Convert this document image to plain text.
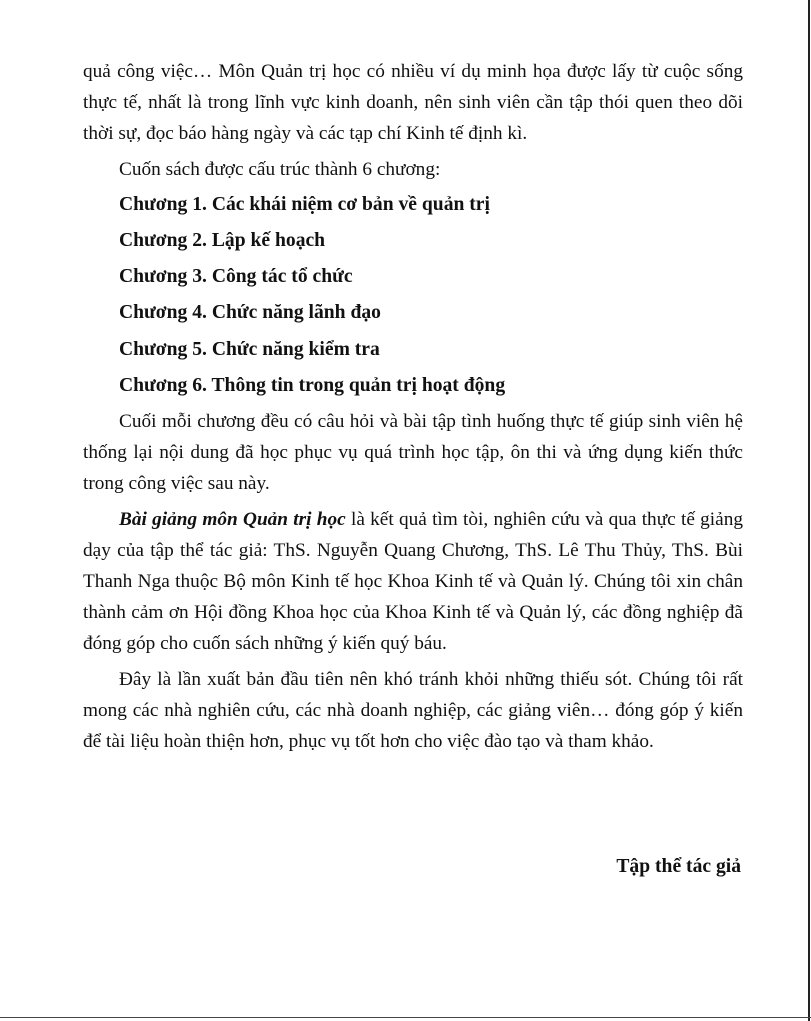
quả công việc… Môn Quản trị học có nhiều ví dụ minh họa được lấy từ cuộc sống thực tế, nhất là trong lĩnh vực kinh doanh, nên sinh viên cần tập thói quen theo dõi thời sự, đọc báo hàng ngày và các tạp chí Kinh tế định kì.

Cuốn sách được cấu trúc thành 6 chương:

Chương 1. Các khái niệm cơ bản về quản trị
Chương 2. Lập kế hoạch
Chương 3. Công tác tổ chức
Chương 4. Chức năng lãnh đạo
Chương 5. Chức năng kiểm tra
Chương 6. Thông tin trong quản trị hoạt động

Cuối mỗi chương đều có câu hỏi và bài tập tình huống thực tế giúp sinh viên hệ thống lại nội dung đã học phục vụ quá trình học tập, ôn thi và ứng dụng kiến thức trong công việc sau này.

Bài giảng môn Quản trị học là kết quả tìm tòi, nghiên cứu và qua thực tế giảng dạy của tập thể tác giả: ThS. Nguyễn Quang Chương, ThS. Lê Thu Thủy, ThS. Bùi Thanh Nga thuộc Bộ môn Kinh tế học Khoa Kinh tế và Quản lý. Chúng tôi xin chân thành cảm ơn Hội đồng Khoa học của Khoa Kinh tế và Quản lý, các đồng nghiệp đã đóng góp cho cuốn sách những ý kiến quý báu.

Đây là lần xuất bản đầu tiên nên khó tránh khỏi những thiếu sót. Chúng tôi rất mong các nhà nghiên cứu, các nhà doanh nghiệp, các giảng viên… đóng góp ý kiến để tài liệu hoàn thiện hơn, phục vụ tốt hơn cho việc đào tạo và tham khảo.

Tập thể tác giả
